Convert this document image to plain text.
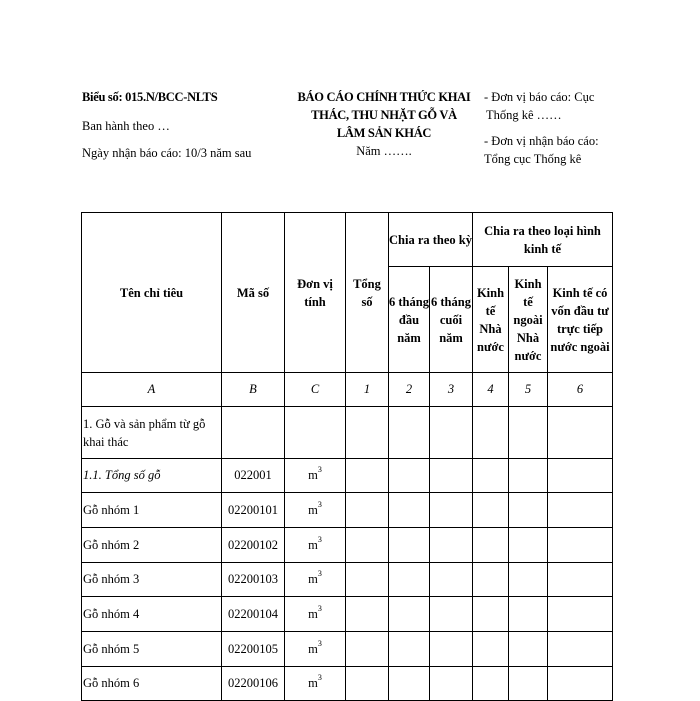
Biểu số: 015.N/BCC-NLTS
Ban hành theo …
Ngày nhận báo cáo: 10/3 năm sau
BÁO CÁO CHÍNH THỨC KHAI
THÁC, THU NHẶT GỖ VÀ
LÂM SẢN KHÁC
Năm …….
- Đơn vị báo cáo: Cục
Thống kê ……
- Đơn vị nhận báo cáo:
Tổng cục Thống kê
Tên chỉ tiêu	Mã số	Đơn vị tính	Tổng số	Chia ra theo kỳ		Chia ra theo loại hình kinh tế		
				6 tháng đầu năm	6 tháng cuối năm	Kinh tế Nhà nước	Kinh tế ngoài Nhà nước	Kinh tế có vốn đầu tư trực tiếp nước ngoài
A	B	C	1	2	3	4	5	6
1. Gỗ và sản phẩm từ gỗ khai thác								
1.1. Tổng số gỗ	022001	$m^3$						
Gỗ nhóm 1	02200101	$m^3$						
Gỗ nhóm 2	02200102	$m^3$						
Gỗ nhóm 3	02200103	$m^3$						
Gỗ nhóm 4	02200104	$m^3$						
Gỗ nhóm 5	02200105	$m^3$						
Gỗ nhóm 6	02200106	$m^3$						
